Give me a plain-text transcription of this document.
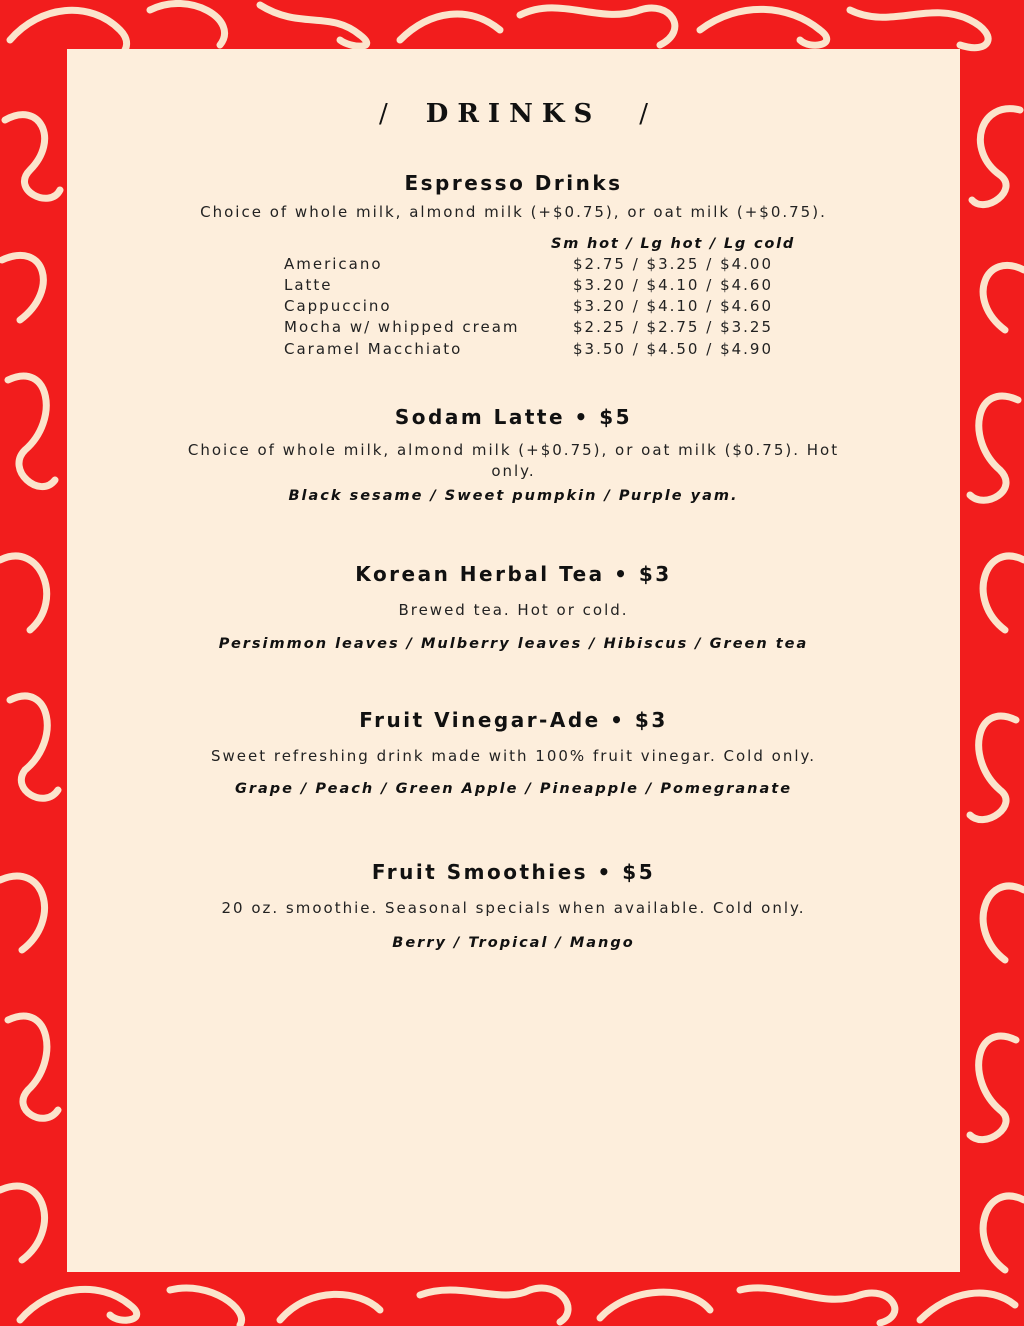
/ DRINKS /
Espresso Drinks
Choice of whole milk, almond milk (+$0.75), or oat milk (+$0.75).
Sm hot / Lg hot / Lg cold
Americano	$2.75 / $3.25 / $4.00
Latte	$3.20 / $4.10 / $4.60
Cappuccino	$3.20 / $4.10 / $4.60
Mocha w/ whipped cream	$2.25 / $2.75 / $3.25
Caramel Macchiato	$3.50 / $4.50 / $4.90
Sodam Latte • $5
Choice of whole milk, almond milk (+$0.75), or oat milk ($0.75). Hot only.
Black sesame / Sweet pumpkin / Purple yam.
Korean Herbal Tea • $3
Brewed tea. Hot or cold.
Persimmon leaves / Mulberry leaves / Hibiscus / Green tea
Fruit Vinegar-Ade • $3
Sweet refreshing drink made with 100% fruit vinegar. Cold only.
Grape / Peach / Green Apple / Pineapple / Pomegranate
Fruit Smoothies • $5
20 oz. smoothie. Seasonal specials when available. Cold only.
Berry / Tropical / Mango
